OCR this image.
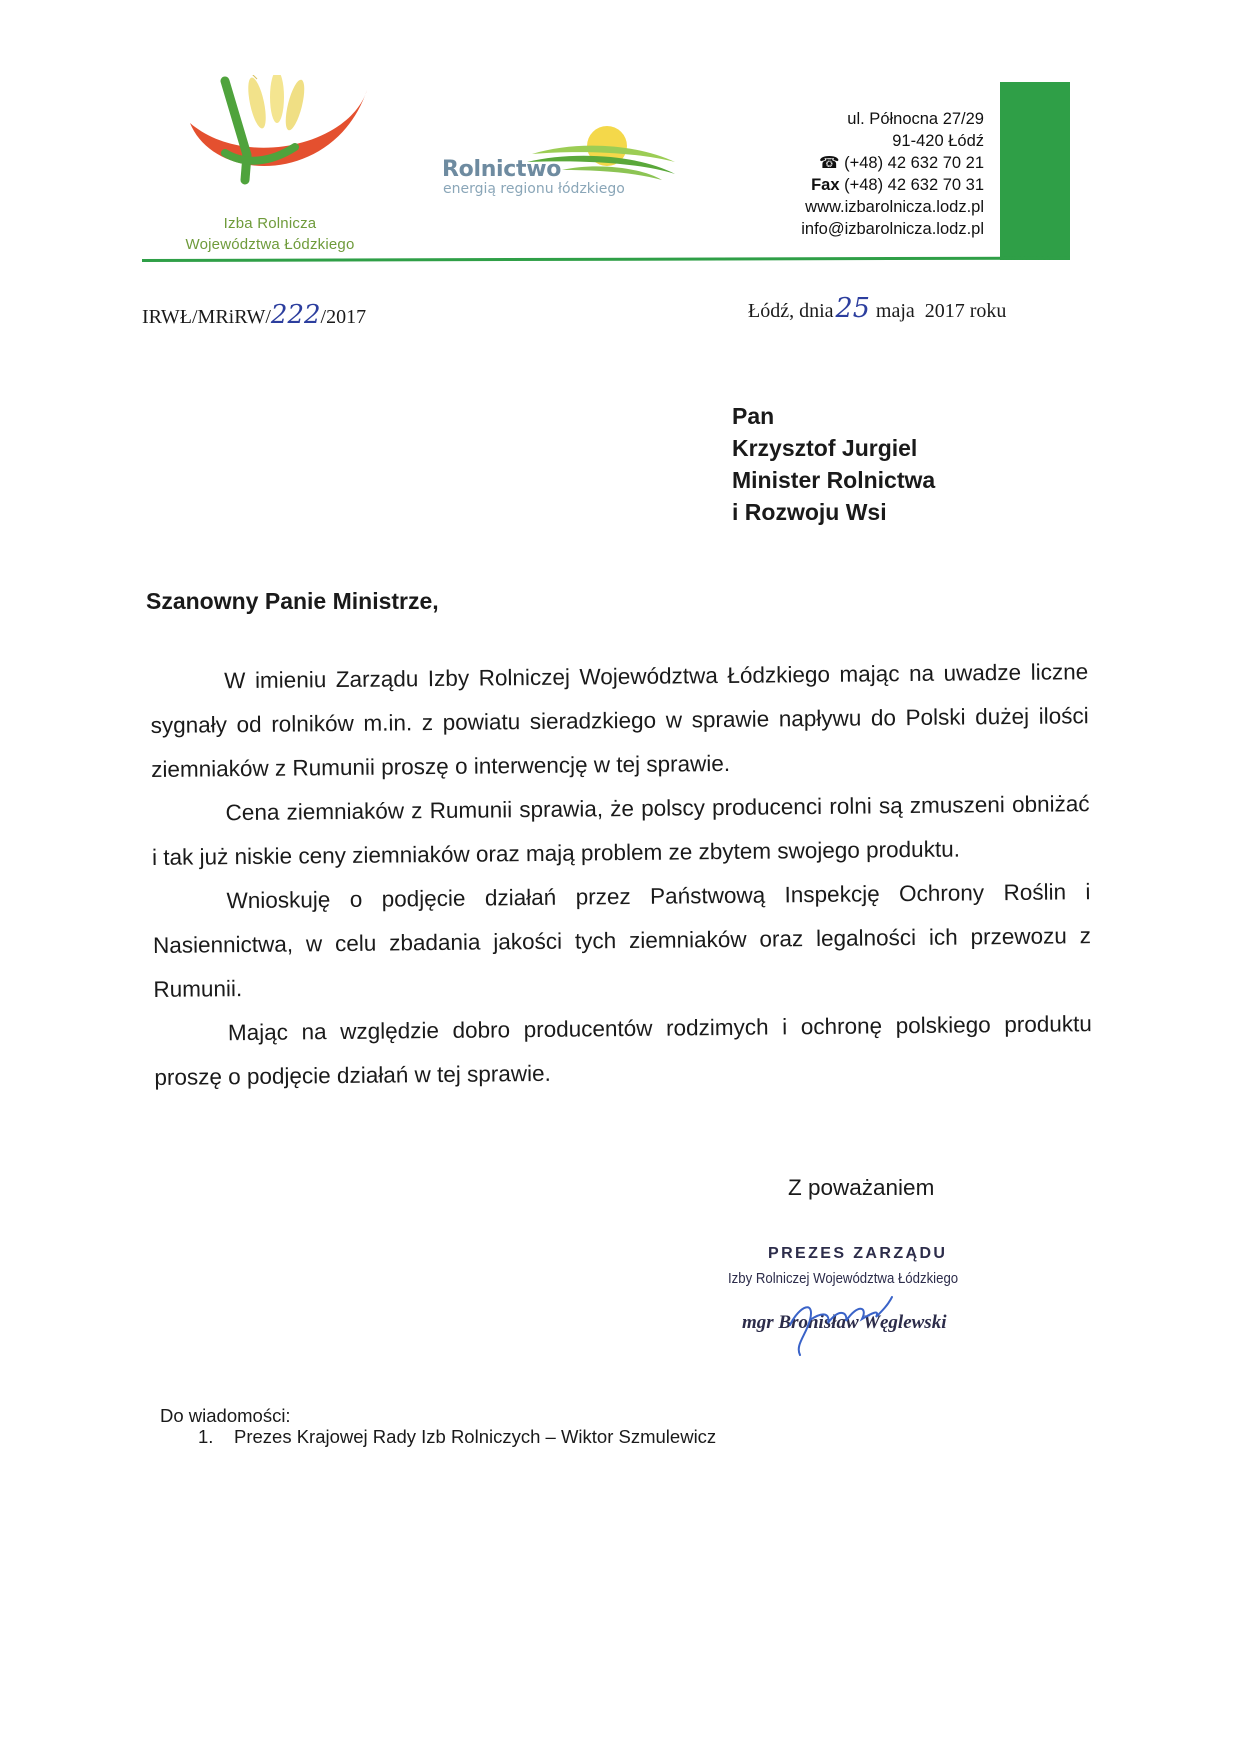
Izba Rolnicza
Województwa Łódzkiego
Rolnictwo
energią regionu łódzkiego
ul. Północna 27/29
91-420 Łódź
☎ (+48) 42 632 70 21
Fax (+48) 42 632 70 31
www.izbarolnicza.lodz.pl
info@izbarolnicza.lodz.pl
IRWŁ/MRiRW/222/2017	Łódź, dnia25 maja  2017 roku
Pan
Krzysztof Jurgiel
Minister Rolnictwa
i Rozwoju Wsi
Szanowny Panie Ministrze,

W imieniu Zarządu Izby Rolniczej Województwa Łódzkiego mając na uwadze liczne sygnały od rolników m.in. z powiatu sieradzkiego w sprawie napływu do Polski dużej ilości ziemniaków z Rumunii proszę o interwencję w tej sprawie.

Cena ziemniaków z Rumunii sprawia, że polscy producenci rolni są zmuszeni obniżać i tak już niskie ceny ziemniaków oraz mają problem ze zbytem swojego produktu.

Wnioskuję o podjęcie działań przez Państwową Inspekcję Ochrony Roślin i Nasiennictwa, w celu zbadania jakości tych ziemniaków oraz legalności ich przewozu z Rumunii.

Mając na względzie dobro producentów rodzimych i ochronę polskiego produktu proszę o podjęcie działań w tej sprawie.

Z poważaniem
PREZES ZARZĄDU
Izby Rolniczej Województwa Łódzkiego
mgr Bronisław Węglewski
Do wiadomości:
1. Prezes Krajowej Rady Izb Rolniczych – Wiktor Szmulewicz
